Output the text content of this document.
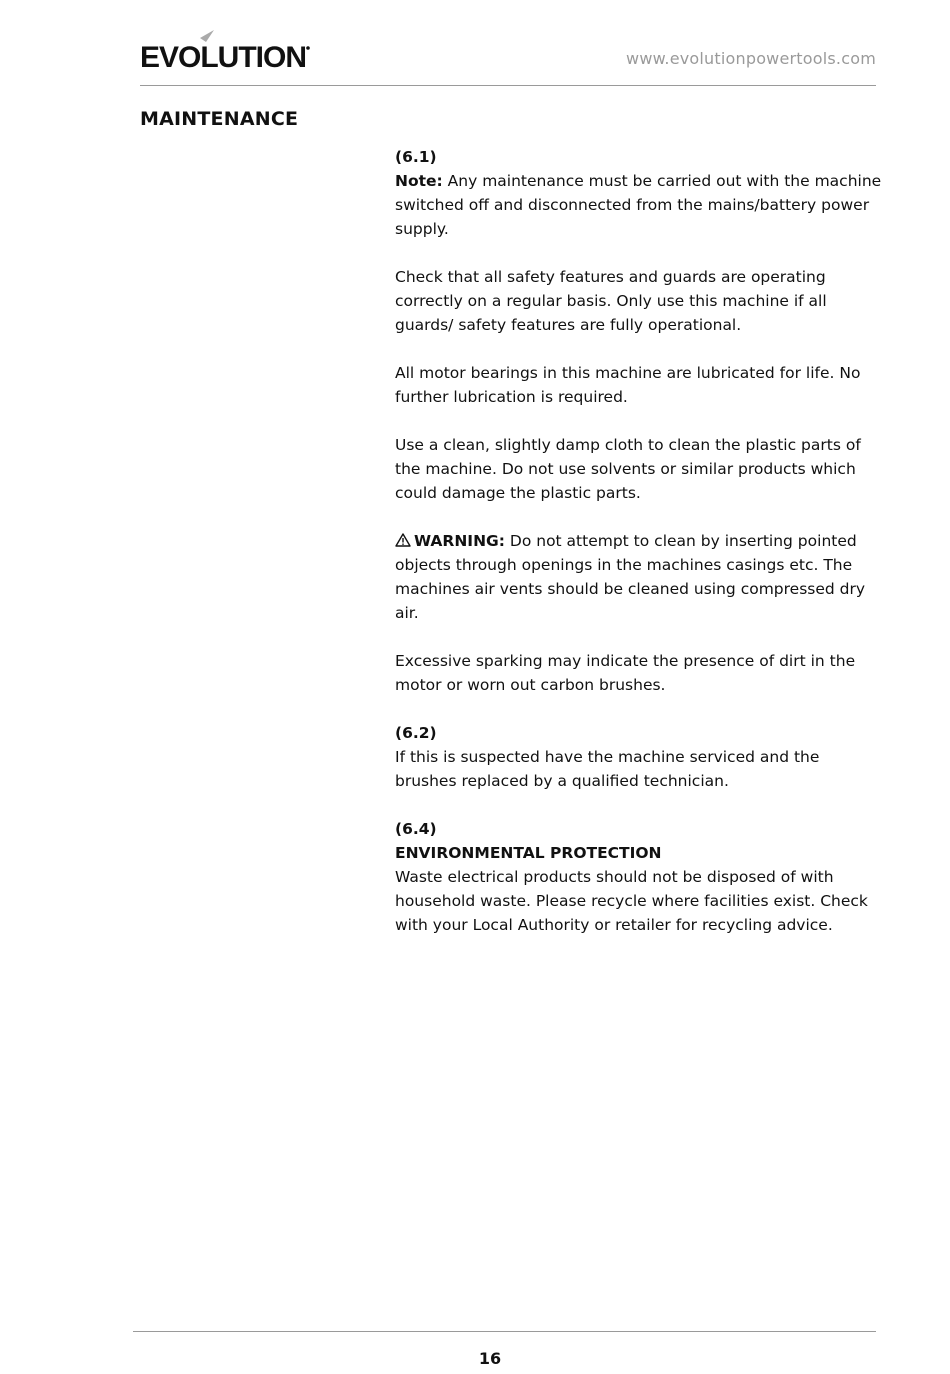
EVOLUTION	www.evolutionpowertools.com
MAINTENANCE

(6.1)
Note: Any maintenance must be carried out with the machine switched off and disconnected from the mains/battery power supply.

Check that all safety features and guards are operating correctly on a regular basis. Only use this machine if all guards/ safety features are fully operational.

All motor bearings in this machine are lubricated for life. No further lubrication is required.

Use a clean, slightly damp cloth to clean the plastic parts of the machine. Do not use solvents or similar products which could damage the plastic parts.

WARNING: Do not attempt to clean by inserting pointed objects through openings in the machines casings etc. The machines air vents should be cleaned using compressed dry air.

Excessive sparking may indicate the presence of dirt in the motor or worn out carbon brushes.

(6.2)
If this is suspected have the machine serviced and the brushes replaced by a qualified technician.

(6.4)
ENVIRONMENTAL PROTECTION
Waste electrical products should not be disposed of with household waste. Please recycle where facilities exist. Check with your Local Authority or retailer for recycling advice.

16
